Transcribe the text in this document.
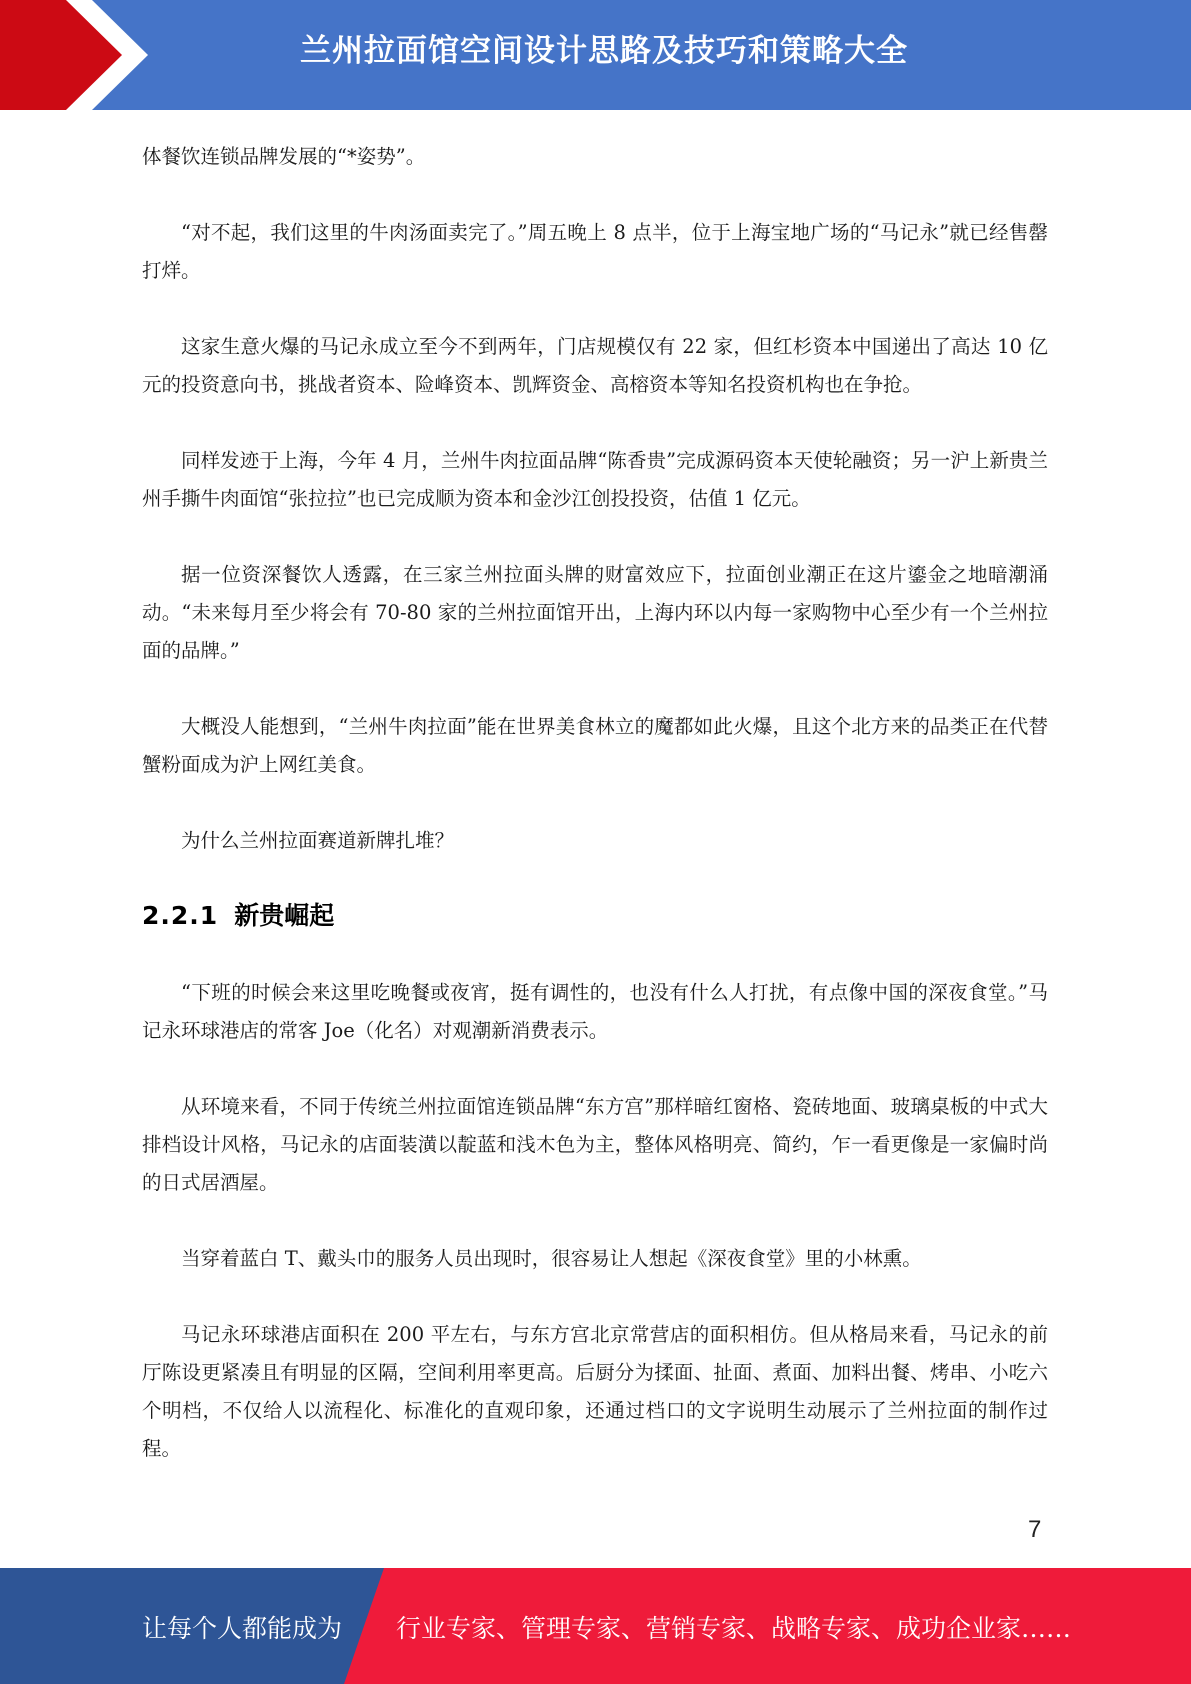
兰州拉面馆空间设计思路及技巧和策略大全

体餐饮连锁品牌发展的“*姿势”。

“对不起，我们这里的牛肉汤面卖完了。”周五晚上 8 点半，位于上海宝地广场的“马记永”就已经售罄打烊。

这家生意火爆的马记永成立至今不到两年，门店规模仅有 22 家，但红杉资本中国递出了高达 10 亿元的投资意向书，挑战者资本、险峰资本、凯辉资金、高榕资本等知名投资机构也在争抢。

同样发迹于上海，今年 4 月，兰州牛肉拉面品牌“陈香贵”完成源码资本天使轮融资；另一沪上新贵兰州手撕牛肉面馆“张拉拉”也已完成顺为资本和金沙江创投投资，估值 1 亿元。

据一位资深餐饮人透露，在三家兰州拉面头牌的财富效应下，拉面创业潮正在这片鎏金之地暗潮涌动。“未来每月至少将会有 70-80 家的兰州拉面馆开出，上海内环以内每一家购物中心至少有一个兰州拉面的品牌。”

大概没人能想到，“兰州牛肉拉面”能在世界美食林立的魔都如此火爆，且这个北方来的品类正在代替蟹粉面成为沪上网红美食。

为什么兰州拉面赛道新牌扎堆？

2.2.1 新贵崛起

“下班的时候会来这里吃晚餐或夜宵，挺有调性的，也没有什么人打扰，有点像中国的深夜食堂。”马记永环球港店的常客 Joe（化名）对观潮新消费表示。

从环境来看，不同于传统兰州拉面馆连锁品牌“东方宫”那样暗红窗格、瓷砖地面、玻璃桌板的中式大排档设计风格，马记永的店面装潢以靛蓝和浅木色为主，整体风格明亮、简约，乍一看更像是一家偏时尚的日式居酒屋。

当穿着蓝白 T、戴头巾的服务人员出现时，很容易让人想起《深夜食堂》里的小林熏。

马记永环球港店面积在 200 平左右，与东方宫北京常营店的面积相仿。但从格局来看，马记永的前厅陈设更紧凑且有明显的区隔，空间利用率更高。后厨分为揉面、扯面、煮面、加料出餐、烤串、小吃六个明档，不仅给人以流程化、标准化的直观印象，还通过档口的文字说明生动展示了兰州拉面的制作过程。

7
让每个人都能成为 行业专家、管理专家、营销专家、战略专家、成功企业家……
